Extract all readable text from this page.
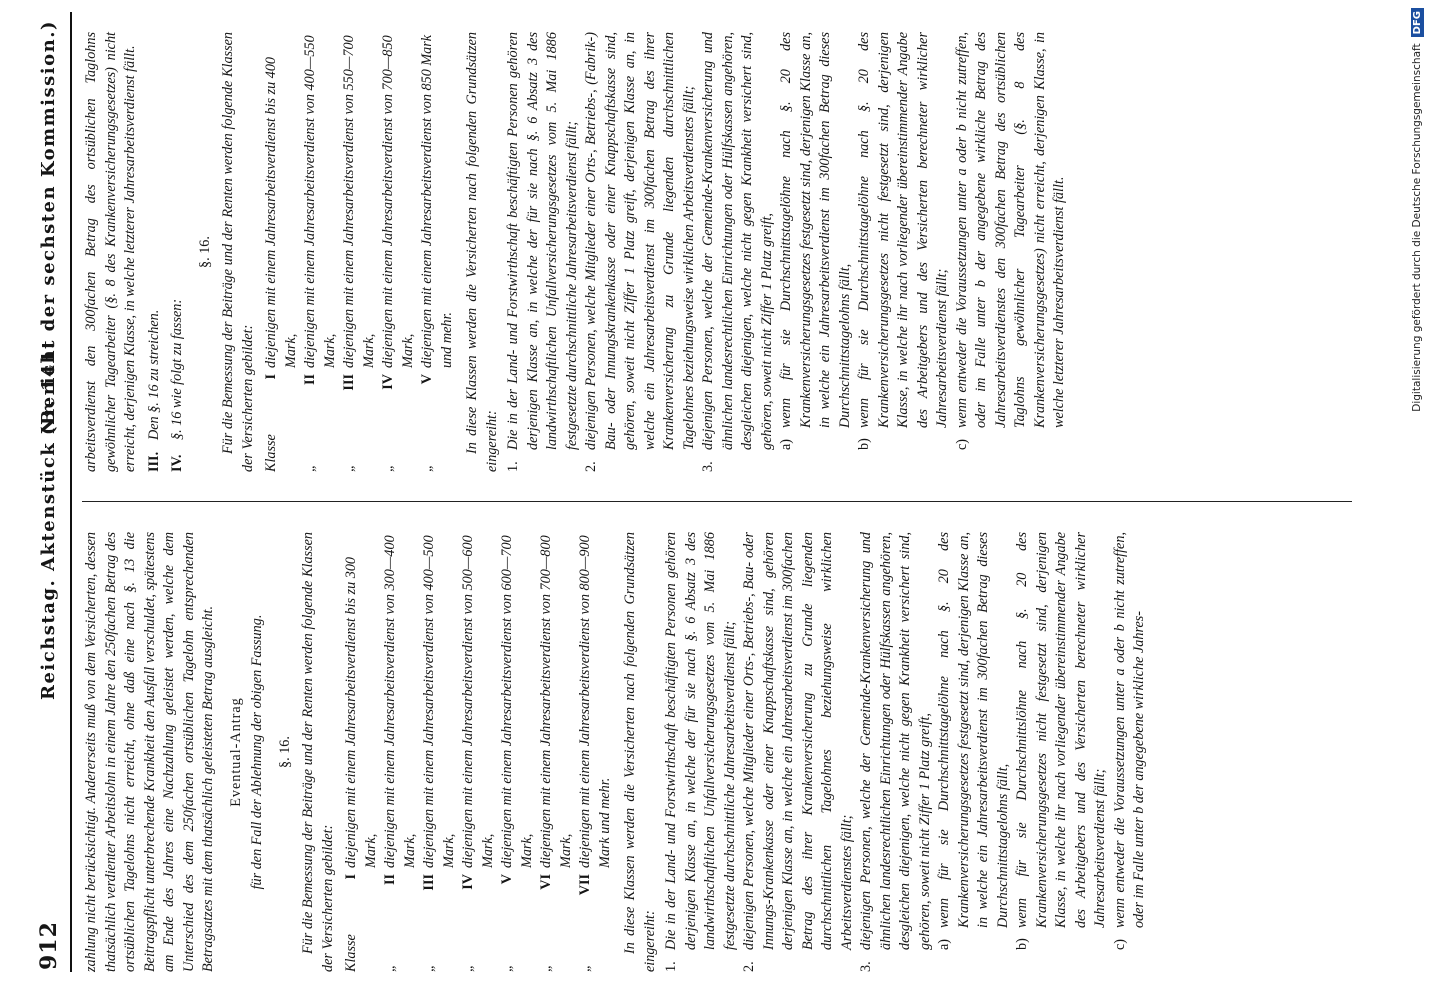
912
Reichstag. Aktenstück Nr. 141.
(Bericht der sechsten Kommission.)

zahlung nicht berücksichtigt. Andererseits muß von dem Versicherten, dessen thatsächlich verdienter Arbeitslohn in einem Jahre den 250fachen Betrag des ortsüblichen Tagelohns nicht erreicht, ohne daß eine nach §. 13 die Beitragspflicht unterbrechende Krankheit den Ausfall verschuldet, spätestens am Ende des Jahres eine Nachzahlung geleistet werden, welche dem Unterschied des dem 250fachen ortsüblichen Tagelohn entsprechenden Betragsatzes mit dem thatsächlich geleisteten Betrag ausgleicht. Eventual-Antrag für den Fall der Ablehnung der obigen Fassung. §. 16. Für die Bemessung der Beiträge und der Renten werden folgende Klassen der Versicherten gebildet: Klasse
I
diejenigen mit einem Jahresarbeitsverdienst bis zu 300 Mark,
„
II
diejenigen mit einem Jahresarbeitsverdienst von 300—400 Mark,
„
III
diejenigen mit einem Jahresarbeitsverdienst von 400—500 Mark,
„
IV
diejenigen mit einem Jahresarbeitsverdienst von 500—600 Mark,
„
V
diejenigen mit einem Jahresarbeitsverdienst von 600—700 Mark,
„
VI
diejenigen mit einem Jahresarbeitsverdienst von 700—800 Mark,
„
VII
diejenigen mit einem Jahresarbeitsverdienst von 800—900 Mark und mehr. In diese Klassen werden die Versicherten nach folgenden Grundsätzen eingereiht: 1.
Die in der Land- und Forstwirthschaft beschäftigten Personen gehören derjenigen Klasse an, in welche der für sie nach §. 6 Absatz 3 des landwirthschaftlichen Unfallversicherungsgesetzes vom 5. Mai 1886 festgesetzte durchschnittliche Jahresarbeitsverdienst fällt;
2.
diejenigen Personen, welche Mitglieder einer Orts-, Betriebs-, Bau- oder Innungs-Krankenkasse oder einer Knappschaftskasse sind, gehören derjenigen Klasse an, in welche ein Jahresarbeitsverdienst im 300fachen Betrag des ihrer Krankenversicherung zu Grunde liegenden durchschnittlichen Tagelohnes beziehungsweise wirklichen Arbeitsverdienstes fällt;
3.
diejenigen Personen, welche der Gemeinde-Krankenversicherung und ähnlichen landesrechtlichen Einrichtungen oder Hülfskassen angehören, desgleichen diejenigen, welche nicht gegen Krankheit versichert sind, gehören, soweit nicht Ziffer 1 Platz greift, a)
wenn für sie Durchschnittstagelöhne nach §. 20 des Krankenversicherungsgesetzes festgesetzt sind, derjenigen Klasse an, in welche ein Jahresarbeitsverdienst im 300fachen Betrag dieses Durchschnittstagelohns fällt,
b)
wenn für sie Durchschnittslöhne nach §. 20 des Krankenversicherungsgesetzes nicht festgesetzt sind, derjenigen Klasse, in welche ihr nach vorliegender übereinstimmender Angabe des Arbeitgebers und des Versicherten berechneter wirklicher Jahresarbeitsverdienst fällt;
c)
wenn entweder die Voraussetzungen unter a oder b nicht zutreffen, oder im Falle unter b der angegebene wirkliche Jahres-

arbeitsverdienst den 300fachen Betrag des ortsüblichen Taglohns gewöhnlicher Tagearbeiter (§. 8 des Krankenversicherungsgesetzes) nicht erreicht, derjenigen Klasse, in welche letzterer Jahresarbeitsverdienst fällt. III.
Den §. 16 zu streichen.
IV.
§. 16 wie folgt zu fassen:

§. 16. Für die Bemessung der Beiträge und der Renten werden folgende Klassen der Versicherten gebildet: Klasse
I
diejenigen mit einem Jahresarbeitsverdienst bis zu 400 Mark,
„
II
diejenigen mit einem Jahresarbeitsverdienst von 400—550 Mark,
„
III
diejenigen mit einem Jahresarbeitsverdienst von 550—700 Mark,
„
IV
diejenigen mit einem Jahresarbeitsverdienst von 700—850 Mark,
„
V
diejenigen mit einem Jahresarbeitsverdienst von 850 Mark und mehr. In diese Klassen werden die Versicherten nach folgenden Grundsätzen eingereiht: 1.
Die in der Land- und Forstwirthschaft beschäftigten Personen gehören derjenigen Klasse an, in welche der für sie nach §. 6 Absatz 3 des landwirthschaftlichen Unfallversicherungsgesetzes vom 5. Mai 1886 festgesetzte durchschnittliche Jahresarbeitsverdienst fällt;
2.
diejenigen Personen, welche Mitglieder einer Orts-, Betriebs-, (Fabrik-) Bau- oder Innungskrankenkasse oder einer Knappschaftskasse sind, gehören, soweit nicht Ziffer 1 Platz greift, derjenigen Klasse an, in welche ein Jahresarbeitsverdienst im 300fachen Betrag des ihrer Krankenversicherung zu Grunde liegenden durchschnittlichen Tagelohnes beziehungsweise wirklichen Arbeitsverdienstes fällt;
3.
diejenigen Personen, welche der Gemeinde-Krankenversicherung und ähnlichen landesrechtlichen Einrichtungen oder Hülfskassen angehören, desgleichen diejenigen, welche nicht gegen Krankheit versichert sind, gehören, soweit nicht Ziffer 1 Platz greift, a)
wenn für sie Durchschnittstagelöhne nach §. 20 des Krankenversicherungsgesetzes festgesetzt sind, derjenigen Klasse an, in welche ein Jahresarbeitsverdienst im 300fachen Betrag dieses Durchschnittstagelohns fällt,
b)
wenn für sie Durchschnittstagelöhne nach §. 20 des Krankenversicherungsgesetzes nicht festgesetzt sind, derjenigen Klasse, in welche ihr nach vorliegender übereinstimmender Angabe des Arbeitgebers und des Versicherten berechneter wirklicher Jahresarbeitsverdienst fällt;
c)
wenn entweder die Voraussetzungen unter a oder b nicht zutreffen, oder im Falle unter b der angegebene wirkliche Betrag des Jahresarbeitsverdienstes den 300fachen Betrag des ortsüblichen Taglohns gewöhnlicher Tagearbeiter (§. 8 des Krankenversicherungsgesetzes) nicht erreicht, derjenigen Klasse, in welche letzterer Jahresarbeitsverdienst fällt.	Digitalisierung gefördert durch die Deutsche Forschungsgemeinschaft
DFG
